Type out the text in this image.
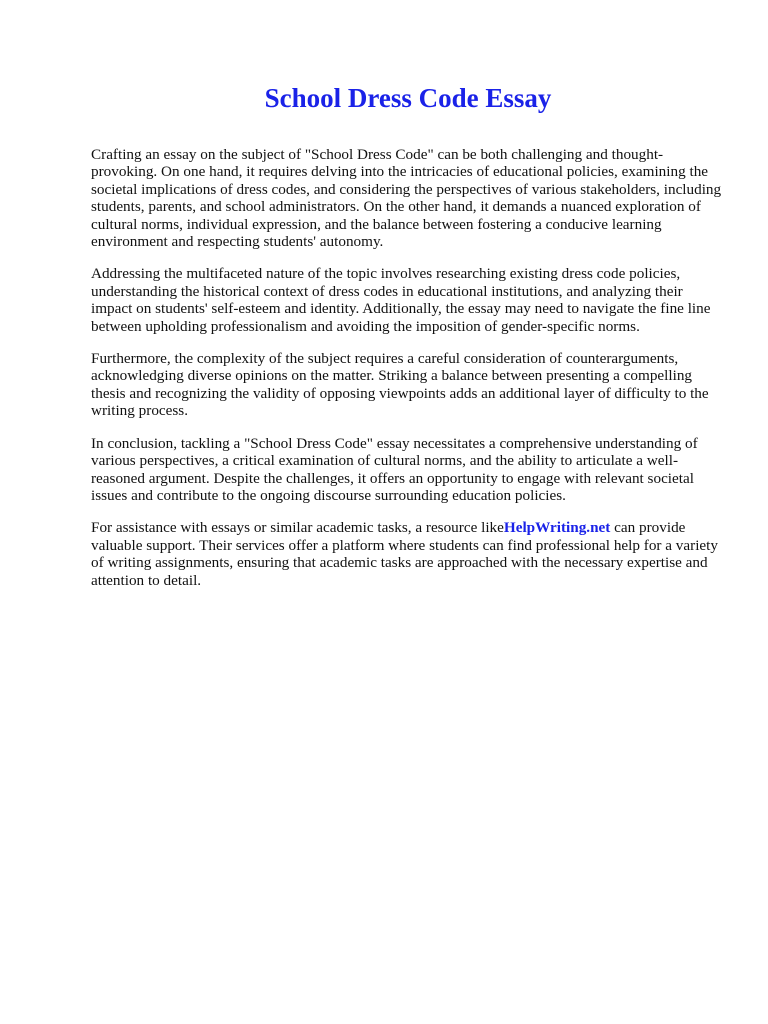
School Dress Code Essay

Crafting an essay on the subject of "School Dress Code" can be both challenging and thought-provoking. On one hand, it requires delving into the intricacies of educational policies, examining the societal implications of dress codes, and considering the perspectives of various stakeholders, including students, parents, and school administrators. On the other hand, it demands a nuanced exploration of cultural norms, individual expression, and the balance between fostering a conducive learning environment and respecting students' autonomy.

Addressing the multifaceted nature of the topic involves researching existing dress code policies, understanding the historical context of dress codes in educational institutions, and analyzing their impact on students' self-esteem and identity. Additionally, the essay may need to navigate the fine line between upholding professionalism and avoiding the imposition of gender-specific norms.

Furthermore, the complexity of the subject requires a careful consideration of counterarguments, acknowledging diverse opinions on the matter. Striking a balance between presenting a compelling thesis and recognizing the validity of opposing viewpoints adds an additional layer of difficulty to the writing process.

In conclusion, tackling a "School Dress Code" essay necessitates a comprehensive understanding of various perspectives, a critical examination of cultural norms, and the ability to articulate a well-reasoned argument. Despite the challenges, it offers an opportunity to engage with relevant societal issues and contribute to the ongoing discourse surrounding education policies.

For assistance with essays or similar academic tasks, a resource likeHelpWriting.net can provide valuable support. Their services offer a platform where students can find professional help for a variety of writing assignments, ensuring that academic tasks are approached with the necessary expertise and attention to detail.
